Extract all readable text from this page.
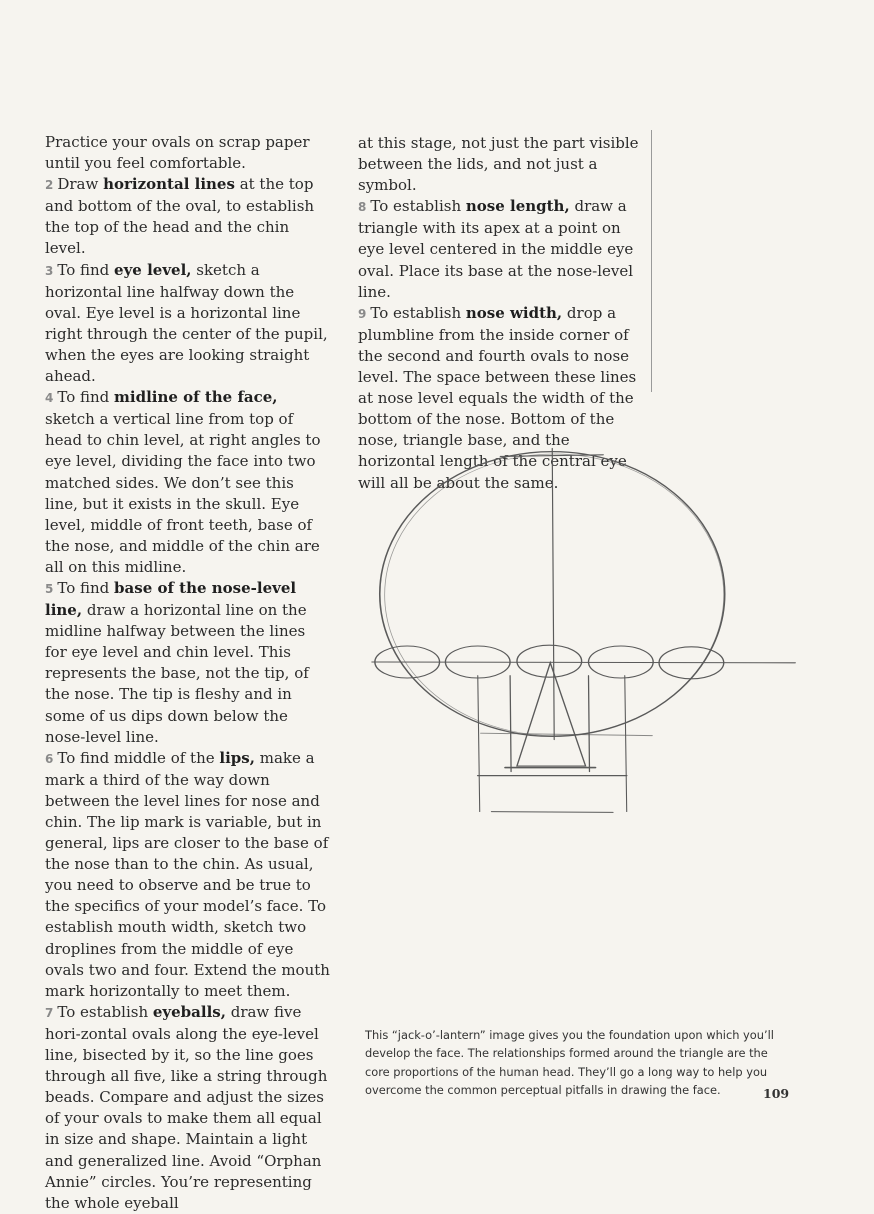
Practice your ovals on scrap paper until you feel comfortable.

2 Draw horizontal lines at the top and bottom of the oval, to establish the top of the head and the chin level.

3 To find eye level, sketch a horizontal line halfway down the oval. Eye level is a horizontal line right through the center of the pupil, when the eyes are looking straight ahead.

4 To find midline of the face, sketch a vertical line from top of head to chin level, at right angles to eye level, dividing the face into two matched sides. We don’t see this line, but it exists in the skull. Eye level, middle of front teeth, base of the nose, and middle of the chin are all on this midline.

5 To find base of the nose-level line, draw a horizontal line on the midline halfway between the lines for eye level and chin level. This represents the base, not the tip, of the nose. The tip is fleshy and in some of us dips down below the nose-level line.

6 To find middle of the lips, make a mark a third of the way down between the level lines for nose and chin. The lip mark is variable, but in general, lips are closer to the base of the nose than to the chin. As usual, you need to observe and be true to the specifics of your model’s face. To establish mouth width, sketch two droplines from the middle of eye ovals two and four. Extend the mouth mark horizontally to meet them.

7 To establish eyeballs, draw five hori-zontal ovals along the eye-level line, bisected by it, so the line goes through all five, like a string through beads. Compare and adjust the sizes of your ovals to make them all equal in size and shape. Maintain a light and generalized line. Avoid “Orphan Annie” circles. You’re representing the whole eyeball

at this stage, not just the part visible between the lids, and not just a symbol.

8 To establish nose length, draw a triangle with its apex at a point on eye level centered in the middle eye oval. Place its base at the nose-level line.

9 To establish nose width, drop a plumbline from the inside corner of the second and fourth ovals to nose level. The space between these lines at nose level equals the width of the bottom of the nose. Bottom of the nose, triangle base, and the horizontal length of the central eye will all be about the same.

This “jack-o’-lantern” image gives you the foundation upon which you’ll develop the face. The relationships formed around the triangle are the core proportions of the human head. They’ll go a long way to help you overcome the common perceptual pitfalls in drawing the face.	109
